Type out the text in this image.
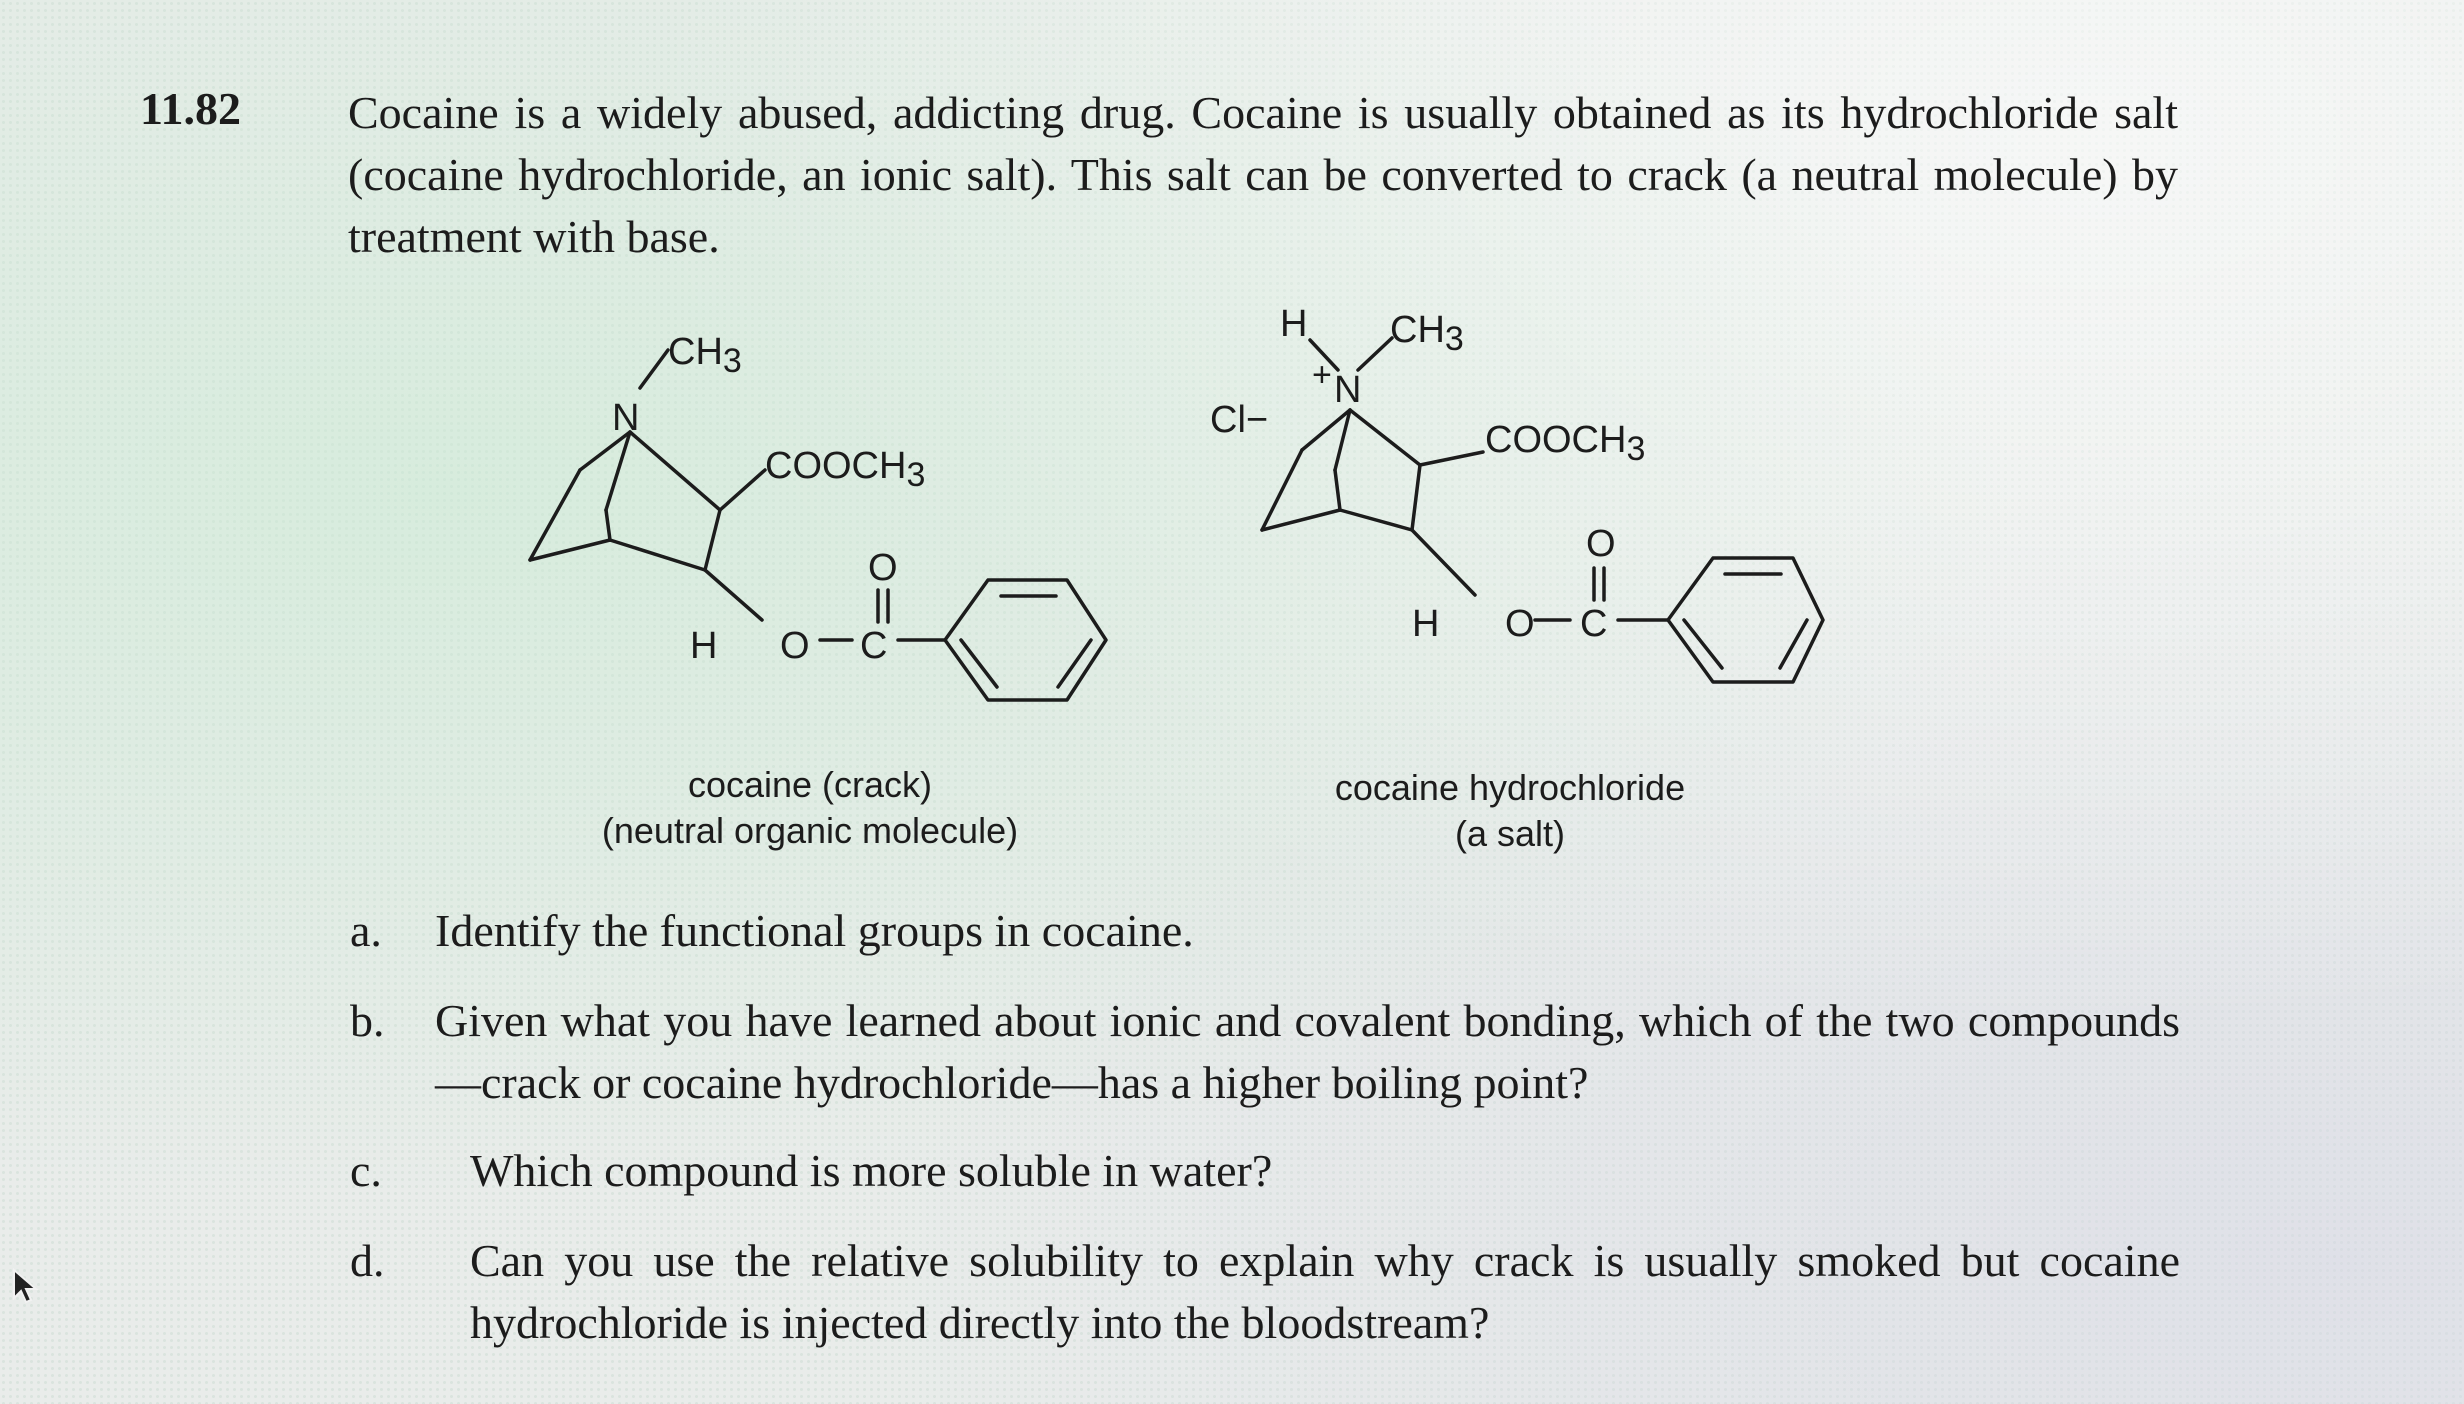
11.82 Cocaine is a widely abused, addicting drug. Cocaine is usually obtained as its hydrochloride salt (cocaine hydrochloride, an ionic salt). This salt can be converted to crack (a neutral molecule) by treatment with base.
CH3
N
COOCH3
O
H O C
H CH3
+ N
Cl−	COOCH3
O
H O C
cocaine (crack)
(neutral organic molecule)
cocaine hydrochloride
(a salt)
a. Identify the functional groups in cocaine.
b. Given what you have learned about ionic and covalent bonding, which of the two compounds—crack or cocaine hydrochloride—has a higher boiling point?
c. Which compound is more soluble in water?
d. Can you use the relative solubility to explain why crack is usually smoked but cocaine hydrochloride is injected directly into the bloodstream?
